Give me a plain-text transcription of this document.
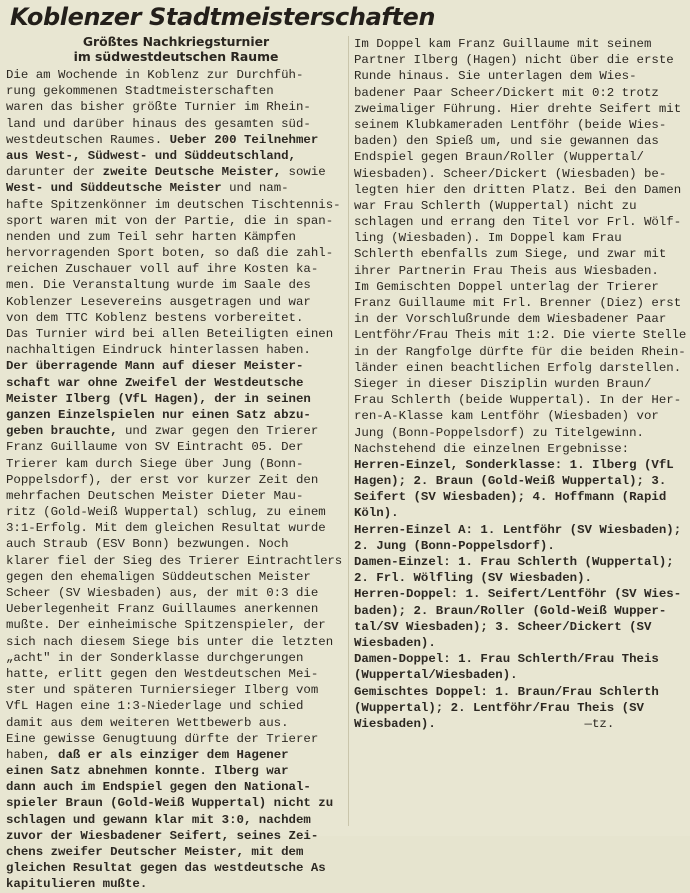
Koblenzer Stadtmeisterschaften
Größtes Nachkriegsturnier
im südwestdeutschen Raume
Die am Wochende in Koblenz zur Durchfüh-
rung gekommenen Stadtmeisterschaften
waren das bisher größte Turnier im Rhein-
land und darüber hinaus des gesamten süd-
westdeutschen Raumes. Ueber 200 Teilnehmer
aus West-, Südwest- und Süddeutschland,
darunter der zweite Deutsche Meister, sowie
West- und Süddeutsche Meister und nam-
hafte Spitzenkönner im deutschen Tischtennis-
sport waren mit von der Partie, die in span-
nenden und zum Teil sehr harten Kämpfen
hervorragenden Sport boten, so daß die zahl-
reichen Zuschauer voll auf ihre Kosten ka-
men. Die Veranstaltung wurde im Saale des
Koblenzer Lesevereins ausgetragen und war
von dem TTC Koblenz bestens vorbereitet.
Das Turnier wird bei allen Beteiligten einen
nachhaltigen Eindruck hinterlassen haben.
Der überragende Mann auf dieser Meister-
schaft war ohne Zweifel der Westdeutsche
Meister Ilberg (VfL Hagen), der in seinen
ganzen Einzelspielen nur einen Satz abzu-
geben brauchte, und zwar gegen den Trierer
Franz Guillaume von SV Eintracht 05. Der
Trierer kam durch Siege über Jung (Bonn-
Poppelsdorf), der erst vor kurzer Zeit den
mehrfachen Deutschen Meister Dieter Mau-
ritz (Gold-Weiß Wuppertal) schlug, zu einem
3:1-Erfolg. Mit dem gleichen Resultat wurde
auch Straub (ESV Bonn) bezwungen. Noch
klarer fiel der Sieg des Trierer Eintrachtlers
gegen den ehemaligen Süddeutschen Meister
Scheer (SV Wiesbaden) aus, der mit 0:3 die
Ueberlegenheit Franz Guillaumes anerkennen
mußte. Der einheimische Spitzenspieler, der
sich nach diesem Siege bis unter die letzten
„acht" in der Sonderklasse durchgerungen
hatte, erlitt gegen den Westdeutschen Mei-
ster und späteren Turniersieger Ilberg vom
VfL Hagen eine 1:3-Niederlage und schied
damit aus dem weiteren Wettbewerb aus.
Eine gewisse Genugtuung dürfte der Trierer
haben, daß er als einziger dem Hagener
einen Satz abnehmen konnte. Ilberg war
dann auch im Endspiel gegen den National-
spieler Braun (Gold-Weiß Wuppertal) nicht zu
schlagen und gewann klar mit 3:0, nachdem
zuvor der Wiesbadener Seifert, seines Zei-
chens zweifer Deutscher Meister, mit dem
gleichen Resultat gegen das westdeutsche As
kapitulieren mußte.
Im Doppel kam Franz Guillaume mit seinem
Partner Ilberg (Hagen) nicht über die erste
Runde hinaus. Sie unterlagen dem Wies-
badener Paar Scheer/Dickert mit 0:2 trotz
zweimaliger Führung. Hier drehte Seifert mit
seinem Klubkameraden Lentföhr (beide Wies-
baden) den Spieß um, und sie gewannen das
Endspiel gegen Braun/Roller (Wuppertal/
Wiesbaden). Scheer/Dickert (Wiesbaden) be-
legten hier den dritten Platz. Bei den Damen
war Frau Schlerth (Wuppertal) nicht zu
schlagen und errang den Titel vor Frl. Wölf-
ling (Wiesbaden). Im Doppel kam Frau
Schlerth ebenfalls zum Siege, und zwar mit
ihrer Partnerin Frau Theis aus Wiesbaden.
Im Gemischten Doppel unterlag der Trierer
Franz Guillaume mit Frl. Brenner (Diez) erst
in der Vorschlußrunde dem Wiesbadener Paar
Lentföhr/Frau Theis mit 1:2. Die vierte Stelle
in der Rangfolge dürfte für die beiden Rhein-
länder einen beachtlichen Erfolg darstellen.
Sieger in dieser Disziplin wurden Braun/
Frau Schlerth (beide Wuppertal). In der Her-
ren-A-Klasse kam Lentföhr (Wiesbaden) vor
Jung (Bonn-Poppelsdorf) zu Titelgewinn.
Nachstehend die einzelnen Ergebnisse:
Herren-Einzel, Sonderklasse: 1. Ilberg (VfL
Hagen); 2. Braun (Gold-Weiß Wuppertal); 3.
Seifert (SV Wiesbaden); 4. Hoffmann (Rapid
Köln).
Herren-Einzel A: 1. Lentföhr (SV Wiesbaden);
2. Jung (Bonn-Poppelsdorf).
Damen-Einzel: 1. Frau Schlerth (Wuppertal);
2. Frl. Wölfling (SV Wiesbaden).
Herren-Doppel: 1. Seifert/Lentföhr (SV Wies-
baden); 2. Braun/Roller (Gold-Weiß Wupper-
tal/SV Wiesbaden); 3. Scheer/Dickert (SV
Wiesbaden).
Damen-Doppel: 1. Frau Schlerth/Frau Theis
(Wuppertal/Wiesbaden).
Gemischtes Doppel: 1. Braun/Frau Schlerth
(Wuppertal); 2. Lentföhr/Frau Theis (SV
Wiesbaden).                    —tz.
